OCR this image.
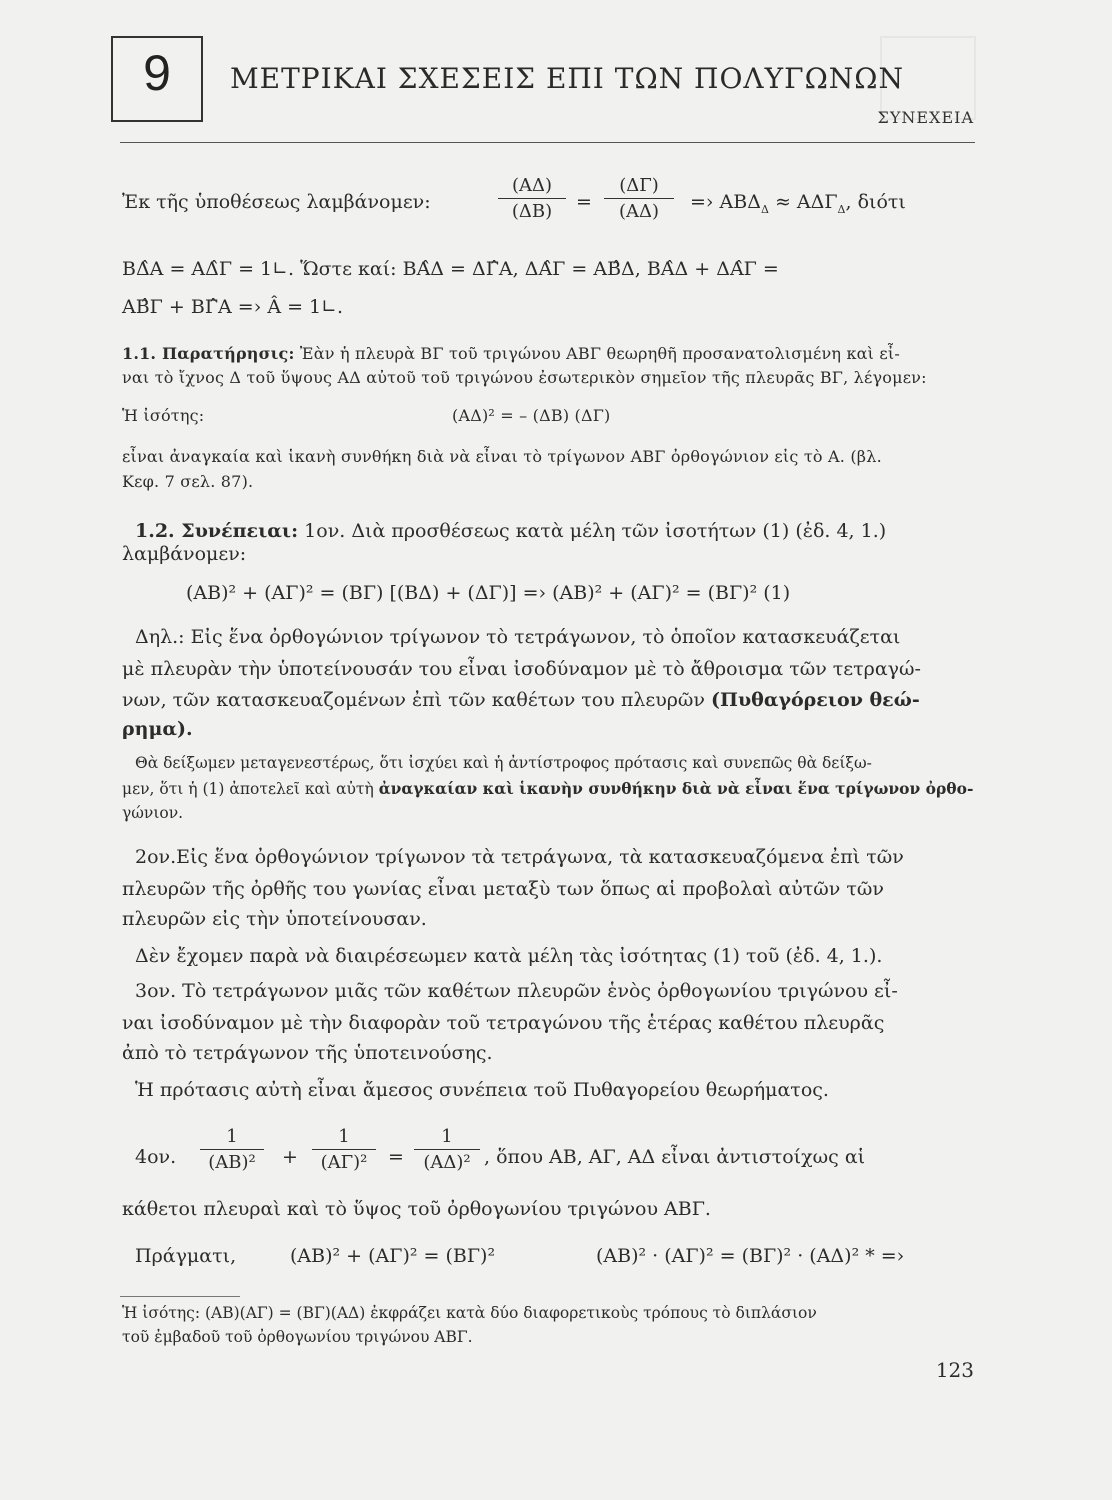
9	ΜΕΤΡΙΚΑΙ ΣΧΕΣΕΙΣ ΕΠΙ ΤΩΝ ΠΟΛΥΓΩΝΩΝ
ΣΥΝΕΧΕΙΑ
Ἐκ τῆς ὑποθέσεως λαμβάνομεν:	$\frac{(A\Delta)}{(\Delta B)} = \frac{(\Delta\Gamma)}{(A\Delta)}$ =› $AB\Delta_\Delta \approx A\Delta\Gamma_\Delta$, διότι
ΒΔ̂Α = ΑΔ̂Γ = 1∟. Ὥστε καί: ΒΑ̂Δ = ΔΓ̂Α, ΔΑ̂Γ = ΑΒ̂Δ, ΒΑ̂Δ + ΔΑ̂Γ =
ΑΒ̂Γ + ΒΓ̂Α =› Â = 1∟.
1.1. Παρατήρησις: Ἐὰν ἡ πλευρὰ ΒΓ τοῦ τριγώνου ΑΒΓ θεωρηθῆ προσανατολισμένη καὶ εἶ-
ναι τὸ ἴχνος Δ τοῦ ὕψους ΑΔ αὐτοῦ τοῦ τριγώνου ἐσωτερικὸν σημεῖον τῆς πλευρᾶς ΒΓ, λέγομεν:
Ἡ ἰσότης:	(ΑΔ)² = – (ΔΒ) (ΔΓ)
εἶναι ἀναγκαία καὶ ἱκανὴ συνθήκη διὰ νὰ εἶναι τὸ τρίγωνον ΑΒΓ ὀρθογώνιον εἰς τὸ Α. (βλ.
Κεφ. 7 σελ. 87).
1.2. Συνέπειαι: 1ον. Διὰ προσθέσεως κατὰ μέλη τῶν ἰσοτήτων (1) (ἐδ. 4, 1.)
λαμβάνομεν:
(ΑΒ)² + (ΑΓ)² = (ΒΓ) [(ΒΔ) + (ΔΓ)] =› (ΑΒ)² + (ΑΓ)² = (ΒΓ)² (1)
Δηλ.: Εἰς ἕνα ὀρθογώνιον τρίγωνον τὸ τετράγωνον, τὸ ὁποῖον κατασκευάζεται
μὲ πλευρὰν τὴν ὑποτείνουσάν του εἶναι ἰσοδύναμον μὲ τὸ ἄθροισμα τῶν τετραγώ-
νων, τῶν κατασκευαζομένων ἐπὶ τῶν καθέτων του πλευρῶν (Πυθαγόρειον θεώ-
ρημα).
Θὰ δείξωμεν μεταγενεστέρως, ὅτι ἰσχύει καὶ ἡ ἀντίστροφος πρότασις καὶ συνεπῶς θὰ δείξω-
μεν, ὅτι ἡ (1) ἀποτελεῖ καὶ αὐτὴ ἀναγκαίαν καὶ ἱκανὴν συνθήκην διὰ νὰ εἶναι ἕνα τρίγωνον ὀρθο-
γώνιον.
2ον.Εἰς ἕνα ὀρθογώνιον τρίγωνον τὰ τετράγωνα, τὰ κατασκευαζόμενα ἐπὶ τῶν
πλευρῶν τῆς ὀρθῆς του γωνίας εἶναι μεταξὺ των ὅπως αἱ προβολαὶ αὐτῶν τῶν
πλευρῶν εἰς τὴν ὑποτείνουσαν.
Δὲν ἔχομεν παρὰ νὰ διαιρέσεωμεν κατὰ μέλη τὰς ἰσότητας (1) τοῦ (ἐδ. 4, 1.).
3ον. Τὸ τετράγωνον μιᾶς τῶν καθέτων πλευρῶν ἑνὸς ὀρθογωνίου τριγώνου εἶ-
ναι ἰσοδύναμον μὲ τὴν διαφορὰν τοῦ τετραγώνου τῆς ἑτέρας καθέτου πλευρᾶς
ἀπὸ τὸ τετράγωνον τῆς ὑποτεινούσης.
Ἡ πρότασις αὐτὴ εἶναι ἄμεσος συνέπεια τοῦ Πυθαγορείου θεωρήματος.
4ον. $\frac{1}{\text{(ΑΒ)²}} + \frac{1}{\text{(ΑΓ)²}} = \frac{1}{\text{(ΑΔ)²}}$ , ὅπου ΑΒ, ΑΓ, ΑΔ εἶναι ἀντιστοίχως αἱ
κάθετοι πλευραὶ καὶ τὸ ὕψος τοῦ ὀρθογωνίου τριγώνου ΑΒΓ.
Πράγματι,	(ΑΒ)² + (ΑΓ)² = (ΒΓ)²	(ΑΒ)² · (ΑΓ)² = (ΒΓ)² · (ΑΔ)² * =›
Ἡ ἰσότης: (ΑΒ)(ΑΓ) = (ΒΓ)(ΑΔ) ἐκφράζει κατὰ δύο διαφορετικοὺς τρόπους τὸ διπλάσιον
τοῦ ἐμβαδοῦ τοῦ ὀρθογωνίου τριγώνου ΑΒΓ.
123
